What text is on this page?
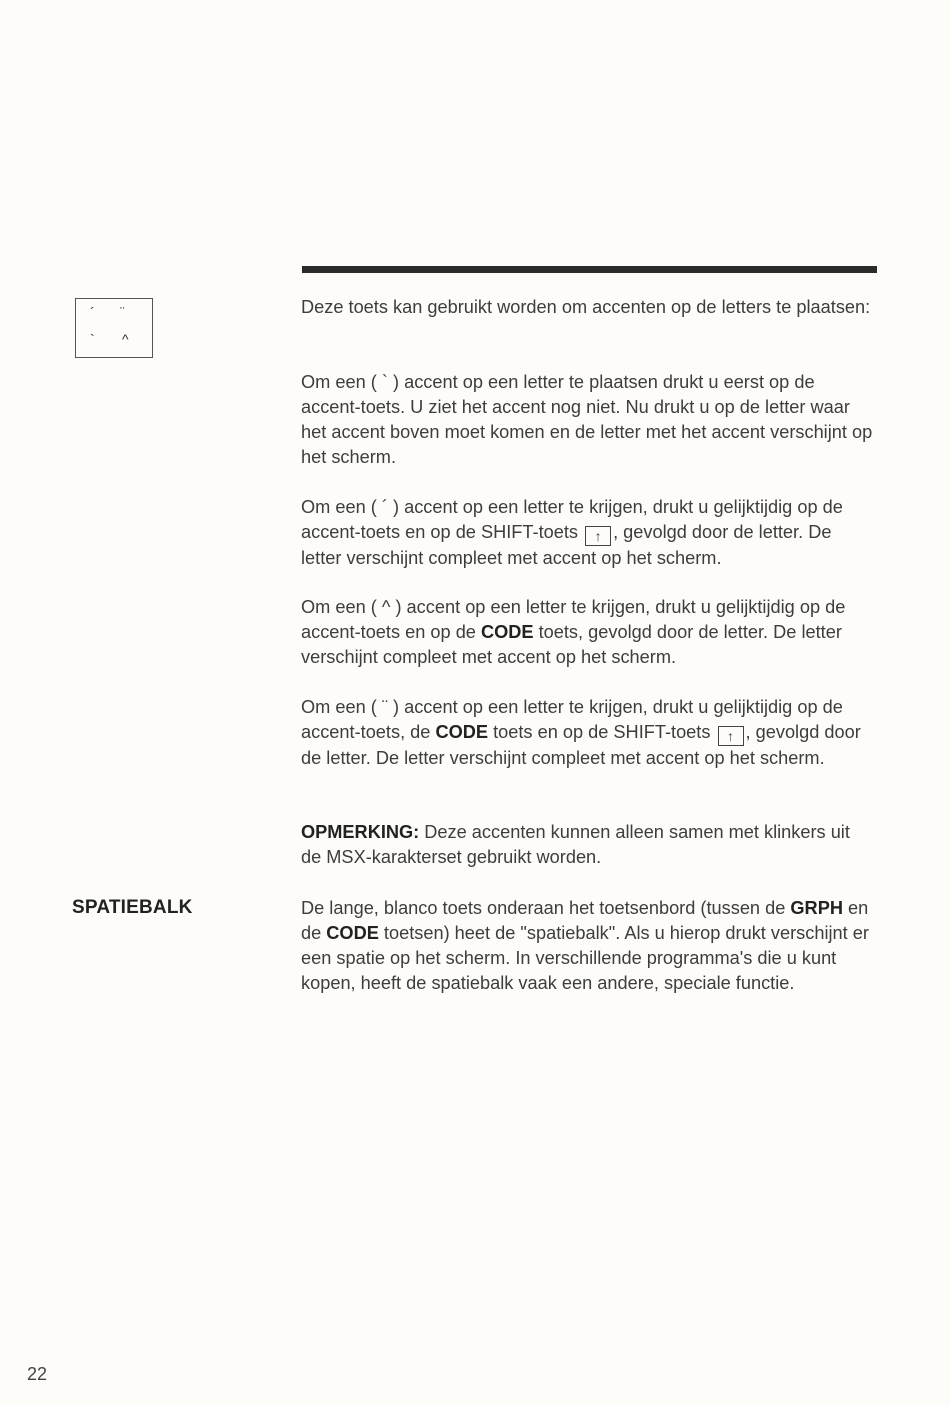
´ ¨
` ^
SPATIEBALK
Deze toets kan gebruikt worden om accenten op de letters te plaatsen:
Om een ( ` ) accent op een letter te plaatsen drukt u eerst op de accent-toets. U ziet het accent nog niet. Nu drukt u op de letter waar het accent boven moet komen en de letter met het accent verschijnt op het scherm.
Om een ( ´ ) accent op een letter te krijgen, drukt u gelijktijdig op de accent-toets en op de SHIFT-toets ↑ , gevolgd door de letter. De letter verschijnt compleet met accent op het scherm.
Om een ( ^ ) accent op een letter te krijgen, drukt u gelijktijdig op de accent-toets en op de CODE toets, gevolgd door de letter. De letter verschijnt compleet met accent op het scherm.
Om een ( ¨ ) accent op een letter te krijgen, drukt u gelijktijdig op de accent-toets, de CODE toets en op de SHIFT-toets ↑ , gevolgd door de letter. De letter verschijnt compleet met accent op het scherm.
OPMERKING: Deze accenten kunnen alleen samen met klinkers uit de MSX-karakterset gebruikt worden.
De lange, blanco toets onderaan het toetsenbord (tussen de GRPH en de CODE toetsen) heet de "spatiebalk". Als u hierop drukt verschijnt er een spatie op het scherm. In verschillende programma's die u kunt kopen, heeft de spatiebalk vaak een andere, speciale functie.
22
